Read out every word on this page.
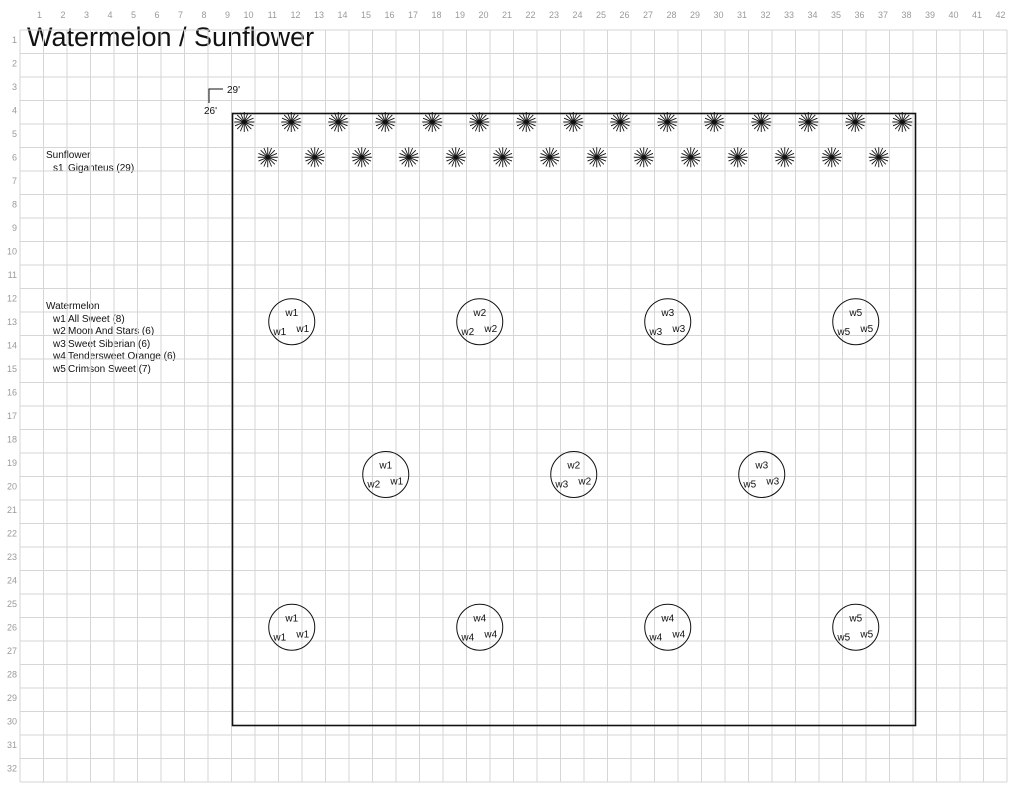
Watermelon / Sunflower
Sunflower
s1 Giganteus (29)
Watermelon
w1 All Sweet (8)
w2 Moon And Stars (6)
w3 Sweet Siberian (6)
w4 Tendersweet Orange (6)
w5 Crimson Sweet (7)
1 2 3 4 5 6 7 8 9 10 11 12 13 14 15 16 17 18 19 20 21 22 23 24 25 26 27 28 29 30 31 32 33 34 35 36 37 38 39 40 41 42
1
2
3
4
5
6
7
8
9
10
11
12
13
14
15
16
17
18
19
20
21
22
23
24
25
26
27
28
29
30
31
32
29'
26'
w1
w1 w1
w2
w2 w2
w3
w3 w3
w5
w5 w5
w1
w2 w1
w2
w3 w2
w3
w5 w3
w1
w1 w1
w4
w4 w4
w4
w4 w4
w5
w5 w5
